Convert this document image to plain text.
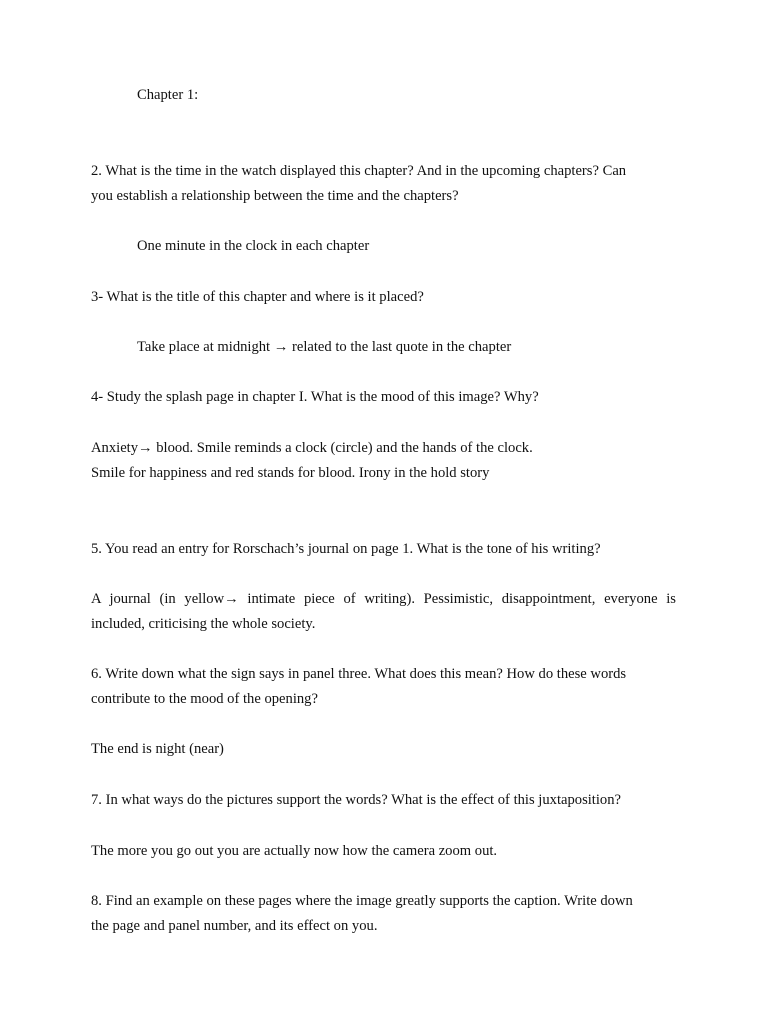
Chapter 1:
2. What is the time in the watch displayed this chapter? And in the upcoming chapters? Can
you establish a relationship between the time and the chapters?
One minute in the clock in each chapter
3- What is the title of this chapter and where is it placed?
Take place at midnight → related to the last quote in the chapter
4- Study the splash page in chapter I. What is the mood of this image? Why?
Anxiety→ blood. Smile reminds a clock (circle) and the hands of the clock.
Smile for happiness and red stands for blood. Irony in the hold story
5. You read an entry for Rorschach’s journal on page 1. What is the tone of his writing?
A journal (in yellow→ intimate piece of writing). Pessimistic, disappointment, everyone is included, criticising the whole society.
6. Write down what the sign says in panel three. What does this mean? How do these words
contribute to the mood of the opening?
The end is night (near)
7. In what ways do the pictures support the words? What is the effect of this juxtaposition?
The more you go out you are actually now how the camera zoom out.
8. Find an example on these pages where the image greatly supports the caption. Write down
the page and panel number, and its effect on you.
